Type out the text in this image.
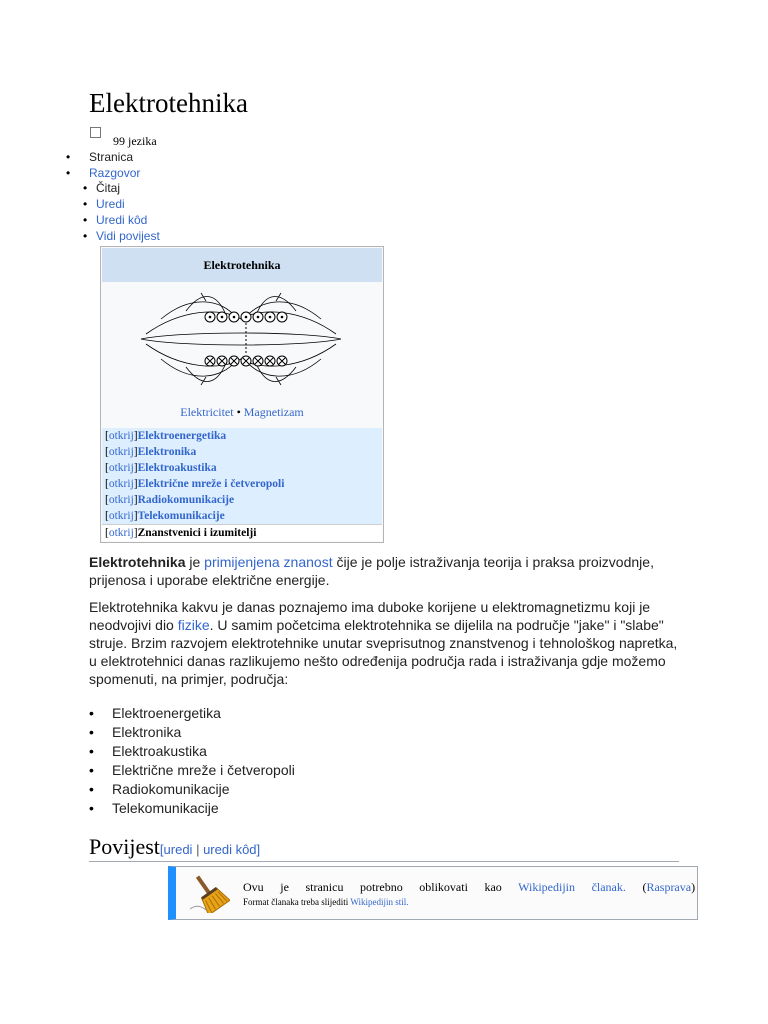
Elektrotehnika
99 jezika
• Stranica
• Razgovor
• Čitaj
• Uredi
• Uredi kôd
• Vidi povijest
Elektrotehnika
Elektricitet • Magnetizam
[otkrij]Elektroenergetika
[otkrij]Elektronika
[otkrij]Elektroakustika
[otkrij]Električne mreže i četveropoli
[otkrij]Radiokomunikacije
[otkrij]Telekomunikacije
[otkrij]Znanstvenici i izumitelji

Elektrotehnika je primijenjena znanost čije je polje istraživanja teorija i praksa proizvodnje, prijenosa i uporabe električne energije.

Elektrotehnika kakvu je danas poznajemo ima duboke korijene u elektromagnetizmu koji je neodvojivi dio fizike. U samim početcima elektrotehnika se dijelila na područje "jake" i "slabe" struje. Brzim razvojem elektrotehnike unutar sveprisutnog znanstvenog i tehnološkog napretka, u elektrotehnici danas razlikujemo nešto određenija područja rada i istraživanja gdje možemo spomenuti, na primjer, područja:

• Elektroenergetika
• Elektronika
• Elektroakustika
• Električne mreže i četveropoli
• Radiokomunikacije
• Telekomunikacije
Povijest[uredi | uredi kôd]
Ovu je stranicu potrebno oblikovati kao Wikipedijin članak. (Rasprava)
Format članaka treba slijediti Wikipedijin stil.
